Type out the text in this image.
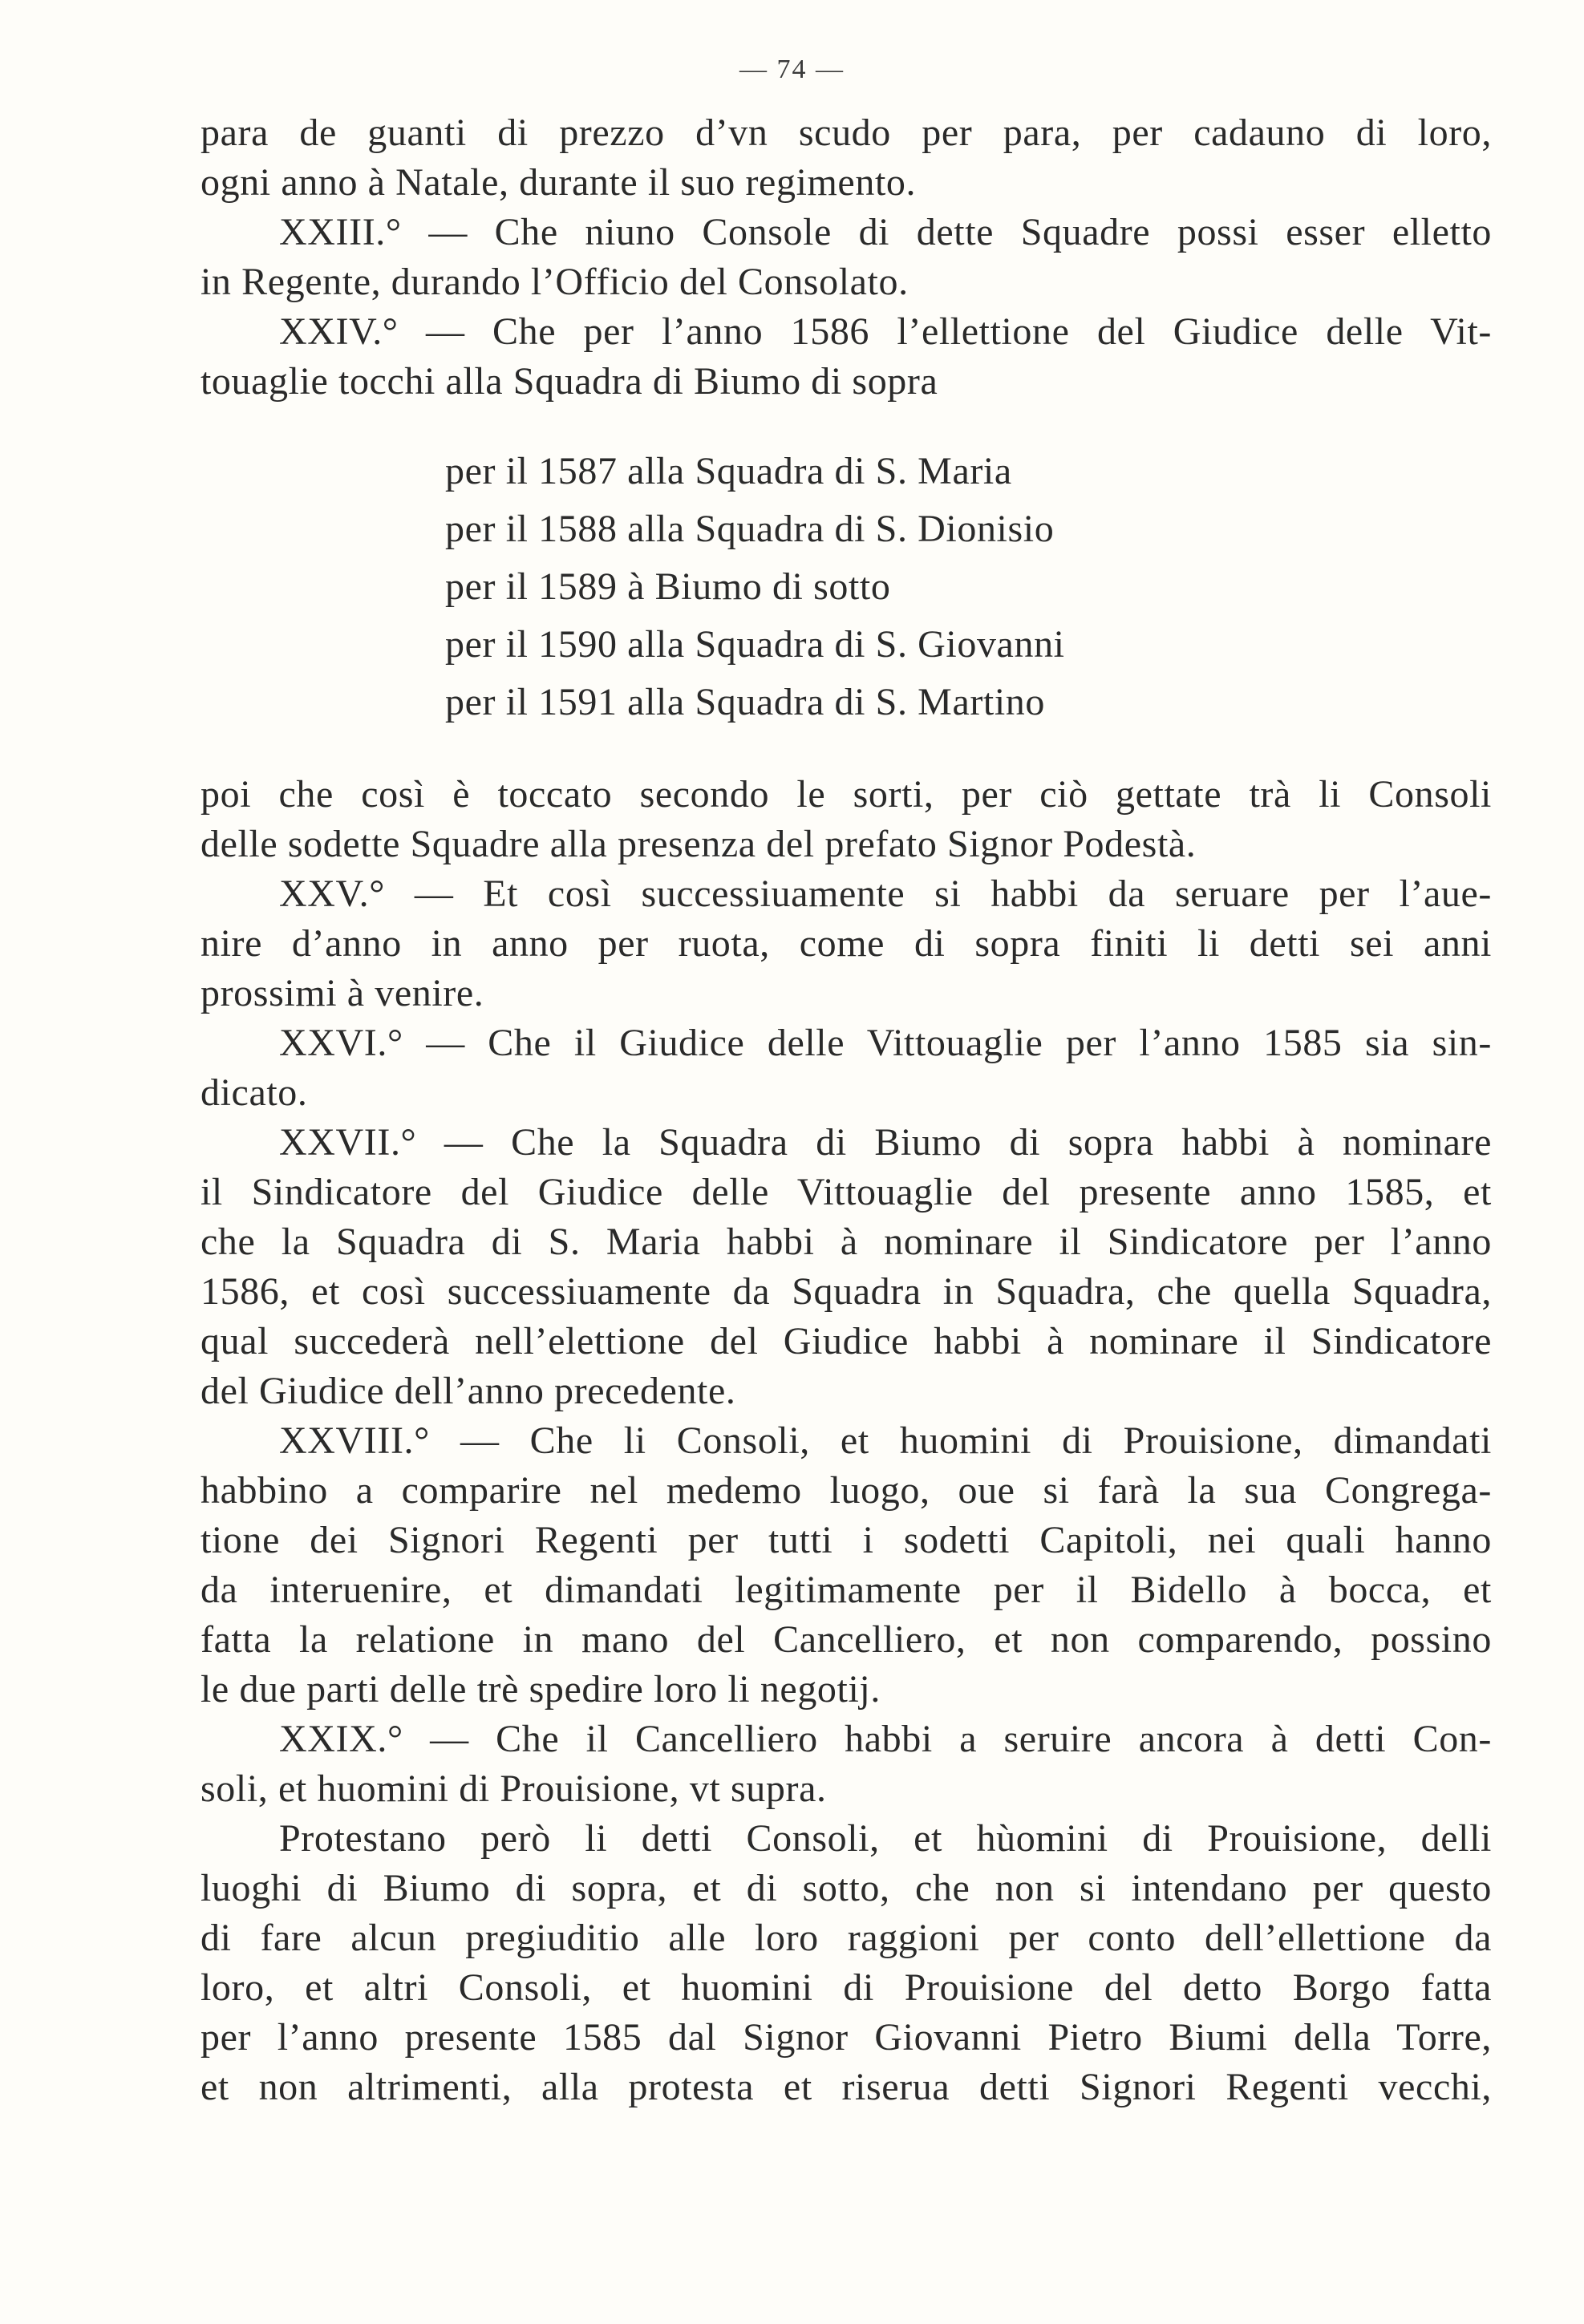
— 74 —
para de guanti di prezzo d’vn scudo per para, per cadauno di loro,
ogni anno à Natale, durante il suo regimento.
XXIII.° — Che niuno Console di dette Squadre possi esser elletto
in Regente, durando l’Officio del Consolato.
XXIV.° — Che per l’anno 1586 l’ellettione del Giudice delle Vit-
touaglie tocchi alla Squadra di Biumo di sopra
per il 1587 alla Squadra di S. Maria
per il 1588 alla Squadra di S. Dionisio
per il 1589 à Biumo di sotto
per il 1590 alla Squadra di S. Giovanni
per il 1591 alla Squadra di S. Martino
poi che così è toccato secondo le sorti, per ciò gettate trà li Consoli
delle sodette Squadre alla presenza del prefato Signor Podestà.
XXV.° — Et così successiuamente si habbi da seruare per l’aue-
nire d’anno in anno per ruota, come di sopra finiti li detti sei anni
prossimi à venire.
XXVI.° — Che il Giudice delle Vittouaglie per l’anno 1585 sia sin-
dicato.
XXVII.° — Che la Squadra di Biumo di sopra habbi à nominare
il Sindicatore del Giudice delle Vittouaglie del presente anno 1585, et
che la Squadra di S. Maria habbi à nominare il Sindicatore per l’anno
1586, et così successiuamente da Squadra in Squadra, che quella Squadra,
qual succederà nell’elettione del Giudice habbi à nominare il Sindicatore
del Giudice dell’anno precedente.
XXVIII.° — Che li Consoli, et huomini di Prouisione, dimandati
habbino a comparire nel medemo luogo, oue si farà la sua Congrega-
tione dei Signori Regenti per tutti i sodetti Capitoli, nei quali hanno
da interuenire, et dimandati legitimamente per il Bidello à bocca, et
fatta la relatione in mano del Cancelliero, et non comparendo, possino
le due parti delle trè spedire loro li negotij.
XXIX.° — Che il Cancelliero habbi a seruire ancora à detti Con-
soli, et huomini di Prouisione, vt supra.
Protestano però li detti Consoli, et hùomini di Prouisione, delli
luoghi di Biumo di sopra, et di sotto, che non si intendano per questo
di fare alcun pregiuditio alle loro raggioni per conto dell’ellettione da
loro, et altri Consoli, et huomini di Prouisione del detto Borgo fatta
per l’anno presente 1585 dal Signor Giovanni Pietro Biumi della Torre,
et non altrimenti, alla protesta et riserua detti Signori Regenti vecchi,
